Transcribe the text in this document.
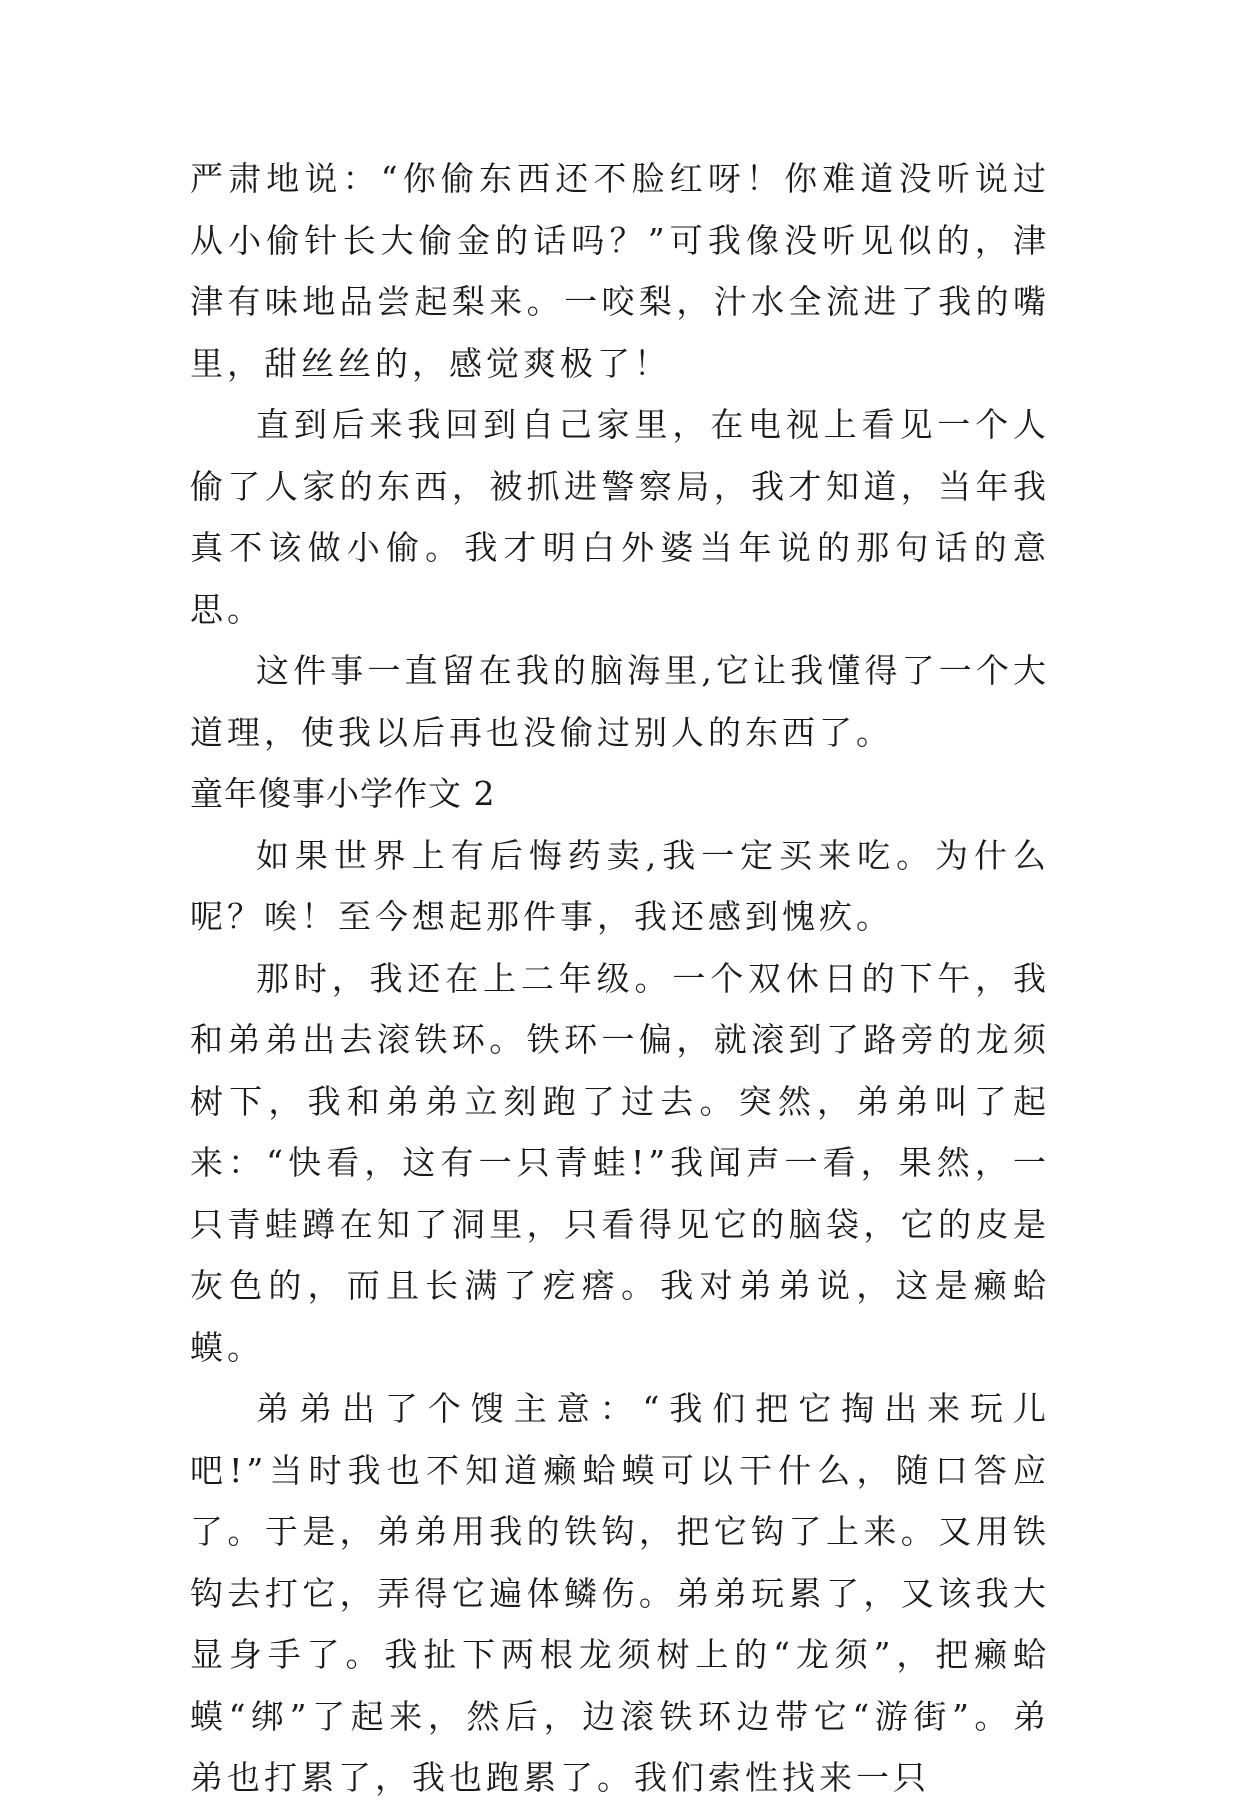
严肃地说：“你偷东西还不脸红呀！你难道没听说过从小偷针长大偷金的话吗？”可我像没听见似的，津津有味地品尝起梨来。一咬梨，汁水全流进了我的嘴里，甜丝丝的，感觉爽极了！

直到后来我回到自己家里，在电视上看见一个人偷了人家的东西，被抓进警察局，我才知道，当年我真不该做小偷。我才明白外婆当年说的那句话的意思。

这件事一直留在我的脑海里,它让我懂得了一个大道理，使我以后再也没偷过别人的东西了。

童年傻事小学作文 2

如果世界上有后悔药卖,我一定买来吃。为什么呢？唉！至今想起那件事，我还感到愧疚。

那时，我还在上二年级。一个双休日的下午，我和弟弟出去滚铁环。铁环一偏，就滚到了路旁的龙须树下，我和弟弟立刻跑了过去。突然，弟弟叫了起来：“快看，这有一只青蛙!”我闻声一看，果然，一只青蛙蹲在知了洞里，只看得见它的脑袋，它的皮是灰色的，而且长满了疙瘩。我对弟弟说，这是癞蛤蟆。

弟弟出了个馊主意：“我们把它掏出来玩儿吧!”当时我也不知道癞蛤蟆可以干什么，随口答应了。于是，弟弟用我的铁钩，把它钩了上来。又用铁钩去打它，弄得它遍体鳞伤。弟弟玩累了，又该我大显身手了。我扯下两根龙须树上的“龙须”，把癞蛤蟆“绑”了起来，然后，边滚铁环边带它“游街”。弟弟也打累了，我也跑累了。我们索性找来一只
